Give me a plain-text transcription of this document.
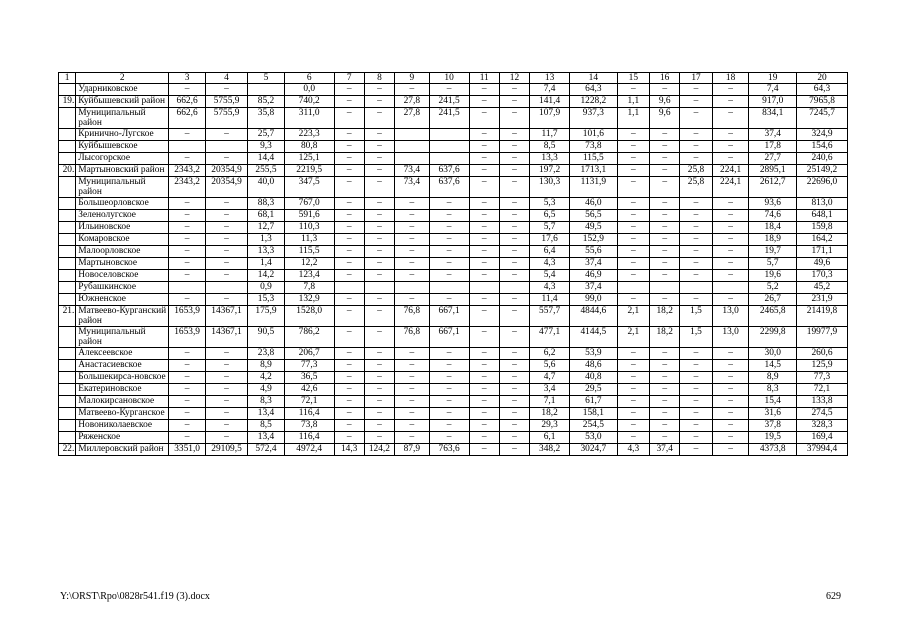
1	2	3	4	5	6	7	8	9	10	11	12	13	14	15	16	17	18	19	20
	Ударниковское	–	–		0,0	–	–	–	–	–	–	7,4	64,3	–	–	–	–	7,4	64,3
19.	Куйбышевский район	662,6	5755,9	85,2	740,2	–	–	27,8	241,5	–	–	141,4	1228,2	1,1	9,6	–	–	917,0	7965,8
	Муниципальный район	662,6	5755,9	35,8	311,0	–	–	27,8	241,5	–	–	107,9	937,3	1,1	9,6	–	–	834,1	7245,7
	Кринично-Лугское	–	–	25,7	223,3	–	–			–	–	11,7	101,6	–	–	–	–	37,4	324,9
	Куйбышевское			9,3	80,8	–	–			–	–	8,5	73,8	–	–	–	–	17,8	154,6
	Лысогорское	–	–	14,4	125,1	–	–			–	–	13,3	115,5	–	–	–	–	27,7	240,6
20.	Мартыновский район	2343,2	20354,9	255,5	2219,5	–	–	73,4	637,6	–	–	197,2	1713,1	–	–	25,8	224,1	2895,1	25149,2
	Муниципальный район	2343,2	20354,9	40,0	347,5	–	–	73,4	637,6	–	–	130,3	1131,9	–	–	25,8	224,1	2612,7	22696,0
	Большеорловское	–	–	88,3	767,0	–	–	–	–	–	–	5,3	46,0	–	–	–	–	93,6	813,0
	Зеленолугское	–	–	68,1	591,6	–	–	–	–	–	–	6,5	56,5	–	–	–	–	74,6	648,1
	Ильиновское	–	–	12,7	110,3	–	–	–	–	–	–	5,7	49,5	–	–	–	–	18,4	159,8
	Комаровское	–	–	1,3	11,3	–	–	–	–	–	–	17,6	152,9	–	–	–	–	18,9	164,2
	Малоорловское	–	–	13,3	115,5	–	–	–	–	–	–	6,4	55,6	–	–	–	–	19,7	171,1
	Мартыновское	–	–	1,4	12,2	–	–	–	–	–	–	4,3	37,4	–	–	–	–	5,7	49,6
	Новоселовское	–	–	14,2	123,4	–	–	–	–	–	–	5,4	46,9	–	–	–	–	19,6	170,3
	Рубашкинское			0,9	7,8							4,3	37,4					5,2	45,2
	Южненское	–	–	15,3	132,9	–	–	–	–	–	–	11,4	99,0	–	–	–	–	26,7	231,9
21.	Матвеево-Курганский район	1653,9	14367,1	175,9	1528,0	–	–	76,8	667,1	–	–	557,7	4844,6	2,1	18,2	1,5	13,0	2465,8	21419,8
	Муниципальный район	1653,9	14367,1	90,5	786,2	–	–	76,8	667,1	–	–	477,1	4144,5	2,1	18,2	1,5	13,0	2299,8	19977,9
	Алексеевское	–	–	23,8	206,7	–	–	–	–	–	–	6,2	53,9	–	–	–	–	30,0	260,6
	Анастасиевское	–	–	8,9	77,3	–	–	–	–	–	–	5,6	48,6	–	–	–	–	14,5	125,9
	Большекирса-новское	–	–	4,2	36,5	–	–	–	–	–	–	4,7	40,8	–	–	–	–	8,9	77,3
	Екатериновское	–	–	4,9	42,6	–	–	–	–	–	–	3,4	29,5	–	–	–	–	8,3	72,1
	Малокирсановское	–	–	8,3	72,1	–	–	–	–	–	–	7,1	61,7	–	–	–	–	15,4	133,8
	Матвеево-Курганское	–	–	13,4	116,4	–	–	–	–	–	–	18,2	158,1	–	–	–	–	31,6	274,5
	Новониколаевское	–	–	8,5	73,8	–	–	–	–	–	–	29,3	254,5	–	–	–	–	37,8	328,3
	Ряженское	–	–	13,4	116,4	–	–	–	–	–	–	6,1	53,0	–	–	–	–	19,5	169,4
22.	Миллеровский район	3351,0	29109,5	572,4	4972,4	14,3	124,2	87,9	763,6	–	–	348,2	3024,7	4,3	37,4	–	–	4373,8	37994,4
Y:\ORST\Rpo\0828r541.f19 (3).docx	629
